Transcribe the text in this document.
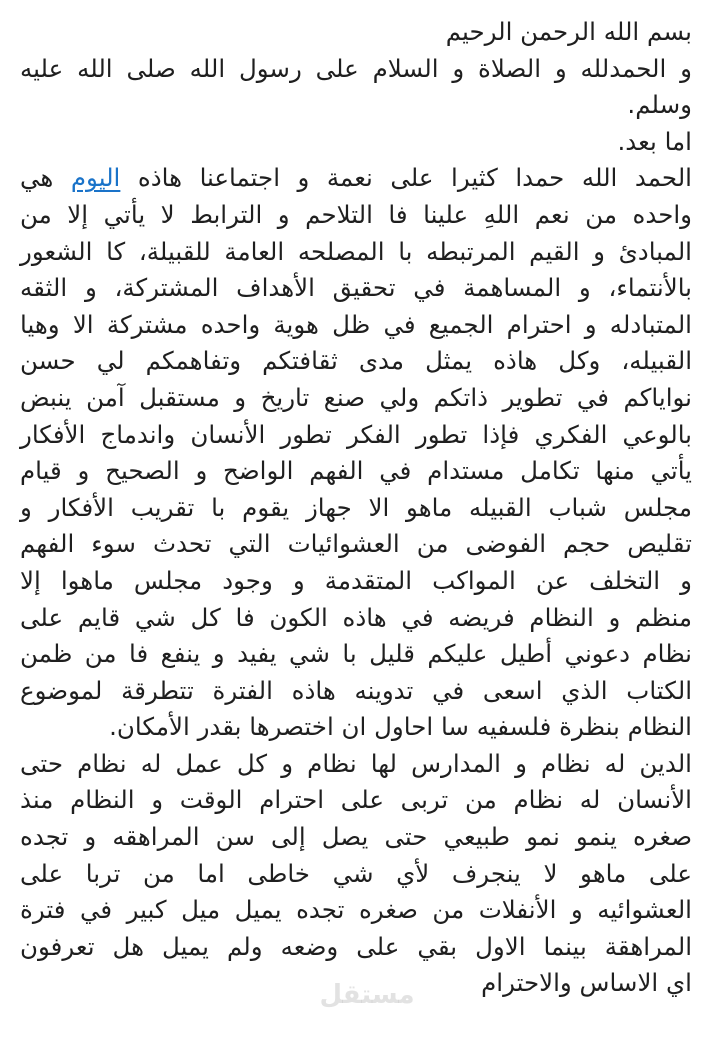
بسم الله الرحمن الرحيم
و الحمدلله و الصلاة و السلام على رسول الله صلى الله عليه
وسلم.
اما بعد.
الحمد الله حمدا كثيرا على نعمة و اجتماعنا هاذه اليوم هي
واحده من نعم اللهِ علينا فا التلاحم و الترابط لا يأتي إلا من
المبادئ و القيم المرتبطه با المصلحه العامة للقبيلة، كا الشعور
بالأنتماء، و المساهمة في تحقيق الأهداف المشتركة، و الثقه
المتبادله و احترام الجميع في ظل هوية واحده مشتركة الا وهيا
القبيله، وكل هاذه يمثل مدى ثقافتكم وتفاهمكم لي حسن
نواياكم في تطوير ذاتكم ولي صنع تاريخ و مستقبل آمن ينبض
بالوعي الفكري فإذا تطور الفكر تطور الأنسان واندماج الأفكار
يأتي منها تكامل مستدام في الفهم الواضح و الصحيح و قيام
مجلس شباب القبيله ماهو الا جهاز يقوم با تقريب الأفكار و
تقليص حجم الفوضى من العشوائيات التي تحدث سوء الفهم
و التخلف عن المواكب المتقدمة و وجود مجلس ماهوا إلا
منظم و النظام فريضه في هاذه الكون فا كل شي قايم على
نظام دعوني أطيل عليكم قليل با شي يفيد و ينفع فا من ظمن
الكتاب الذي اسعى في تدوينه هاذه الفترة تتطرقة لموضوع
النظام بنظرة فلسفيه سا احاول ان اختصرها بقدر الأمكان.
الدين له نظام و المدارس لها نظام و كل عمل له نظام حتى
الأنسان له نظام من تربى على احترام الوقت و النظام منذ
صغره ينمو نمو طبيعي حتى يصل إلى سن المراهقه و تجده
على ماهو لا ينجرف لأي شي خاطى اما من تربا على
العشوائيه و الأنفلات من صغره تجده يميل ميل كبير في فترة
المراهقة بينما الاول بقي على وضعه ولم يميل هل تعرفون
اي الاساس والاحترام
مستقل
